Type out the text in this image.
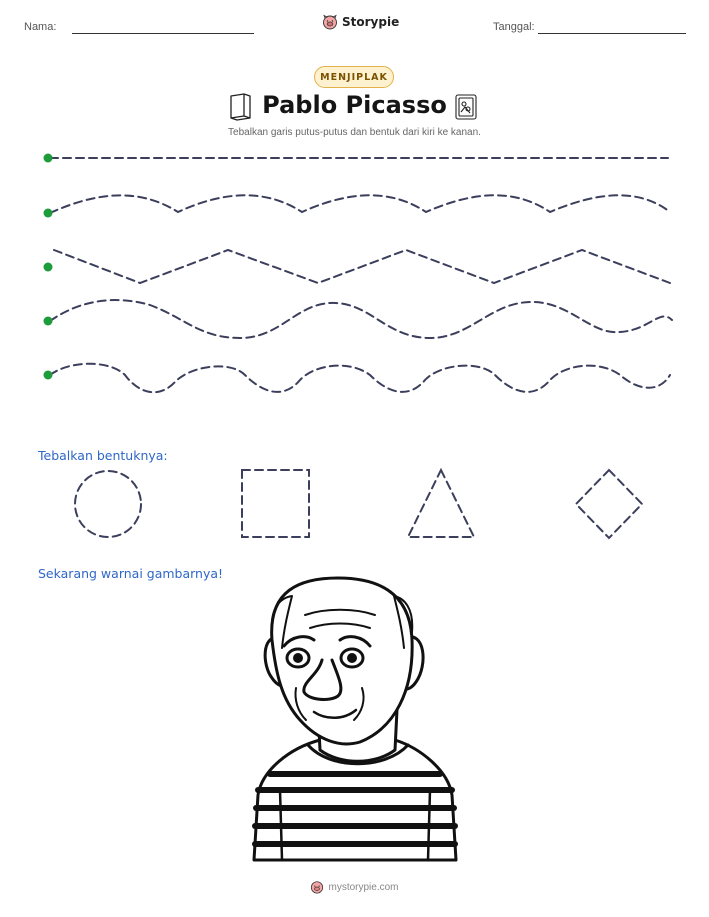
Nama:	Storypie	Tanggal:
MENJIPLAK
Pablo Picasso
Tebalkan garis putus-putus dan bentuk dari kiri ke kanan.
Tebalkan bentuknya:
Sekarang warnai gambarnya!
mystorypie.com
